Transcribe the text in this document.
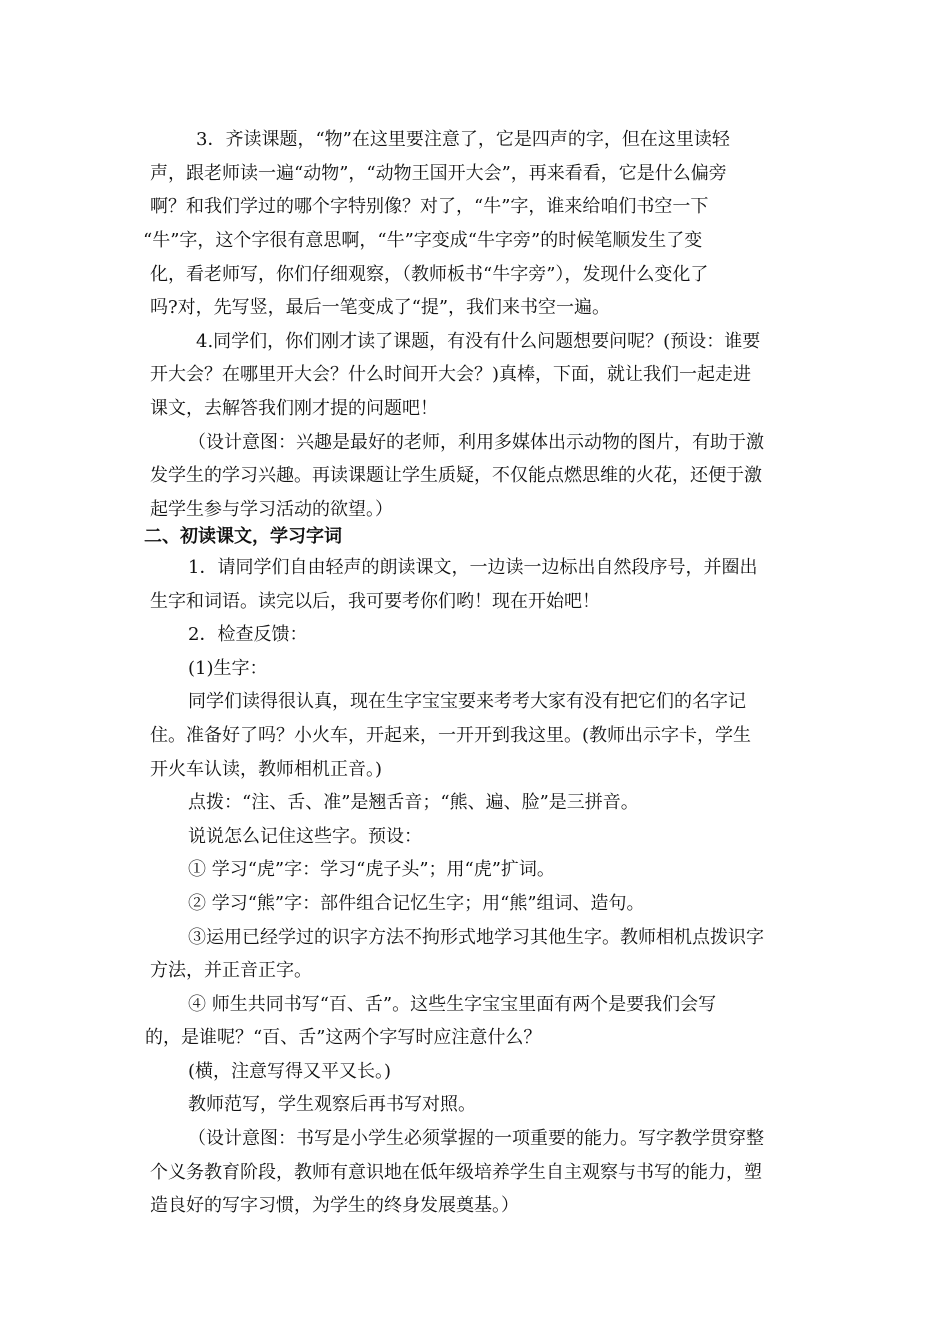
3．齐读课题，“物”在这里要注意了，它是四声的字，但在这里读轻
声，跟老师读一遍“动物”，“动物王国开大会”，再来看看，它是什么偏旁
啊？和我们学过的哪个字特别像？对了，“牛”字，谁来给咱们书空一下
“牛”字，这个字很有意思啊，“牛”字变成“牛字旁”的时候笔顺发生了变
化，看老师写，你们仔细观察，（教师板书“牛字旁”），发现什么变化了
吗?对，先写竖，最后一笔变成了“提”，我们来书空一遍。
4.同学们，你们刚才读了课题，有没有什么问题想要问呢？(预设：谁要
开大会？在哪里开大会？什么时间开大会？)真棒，下面，就让我们一起走进
课文，去解答我们刚才提的问题吧！
（设计意图：兴趣是最好的老师，利用多媒体出示动物的图片，有助于激
发学生的学习兴趣。再读课题让学生质疑，不仅能点燃思维的火花，还便于激
起学生参与学习活动的欲望。）
二、初读课文，学习字词
1．请同学们自由轻声的朗读课文，一边读一边标出自然段序号，并圈出
生字和词语。读完以后，我可要考你们哟！现在开始吧！
2．检查反馈：
(1)生字：
同学们读得很认真，现在生字宝宝要来考考大家有没有把它们的名字记
住。准备好了吗？小火车，开起来，一开开到我这里。(教师出示字卡，学生
开火车认读，教师相机正音。)
点拨：“注、舌、准”是翘舌音；“熊、遍、脸”是三拼音。
说说怎么记住这些字。预设：
① 学习“虎”字：学习“虎子头”；用“虎”扩词。
② 学习“熊”字：部件组合记忆生字；用“熊”组词、造句。
③运用已经学过的识字方法不拘形式地学习其他生字。教师相机点拨识字
方法，并正音正字。
④ 师生共同书写“百、舌”。这些生字宝宝里面有两个是要我们会写
的，是谁呢？“百、舌”这两个字写时应注意什么？
(横，注意写得又平又长。)
教师范写，学生观察后再书写对照。
（设计意图：书写是小学生必须掌握的一项重要的能力。写字教学贯穿整
个义务教育阶段，教师有意识地在低年级培养学生自主观察与书写的能力，塑
造良好的写字习惯，为学生的终身发展奠基。）
